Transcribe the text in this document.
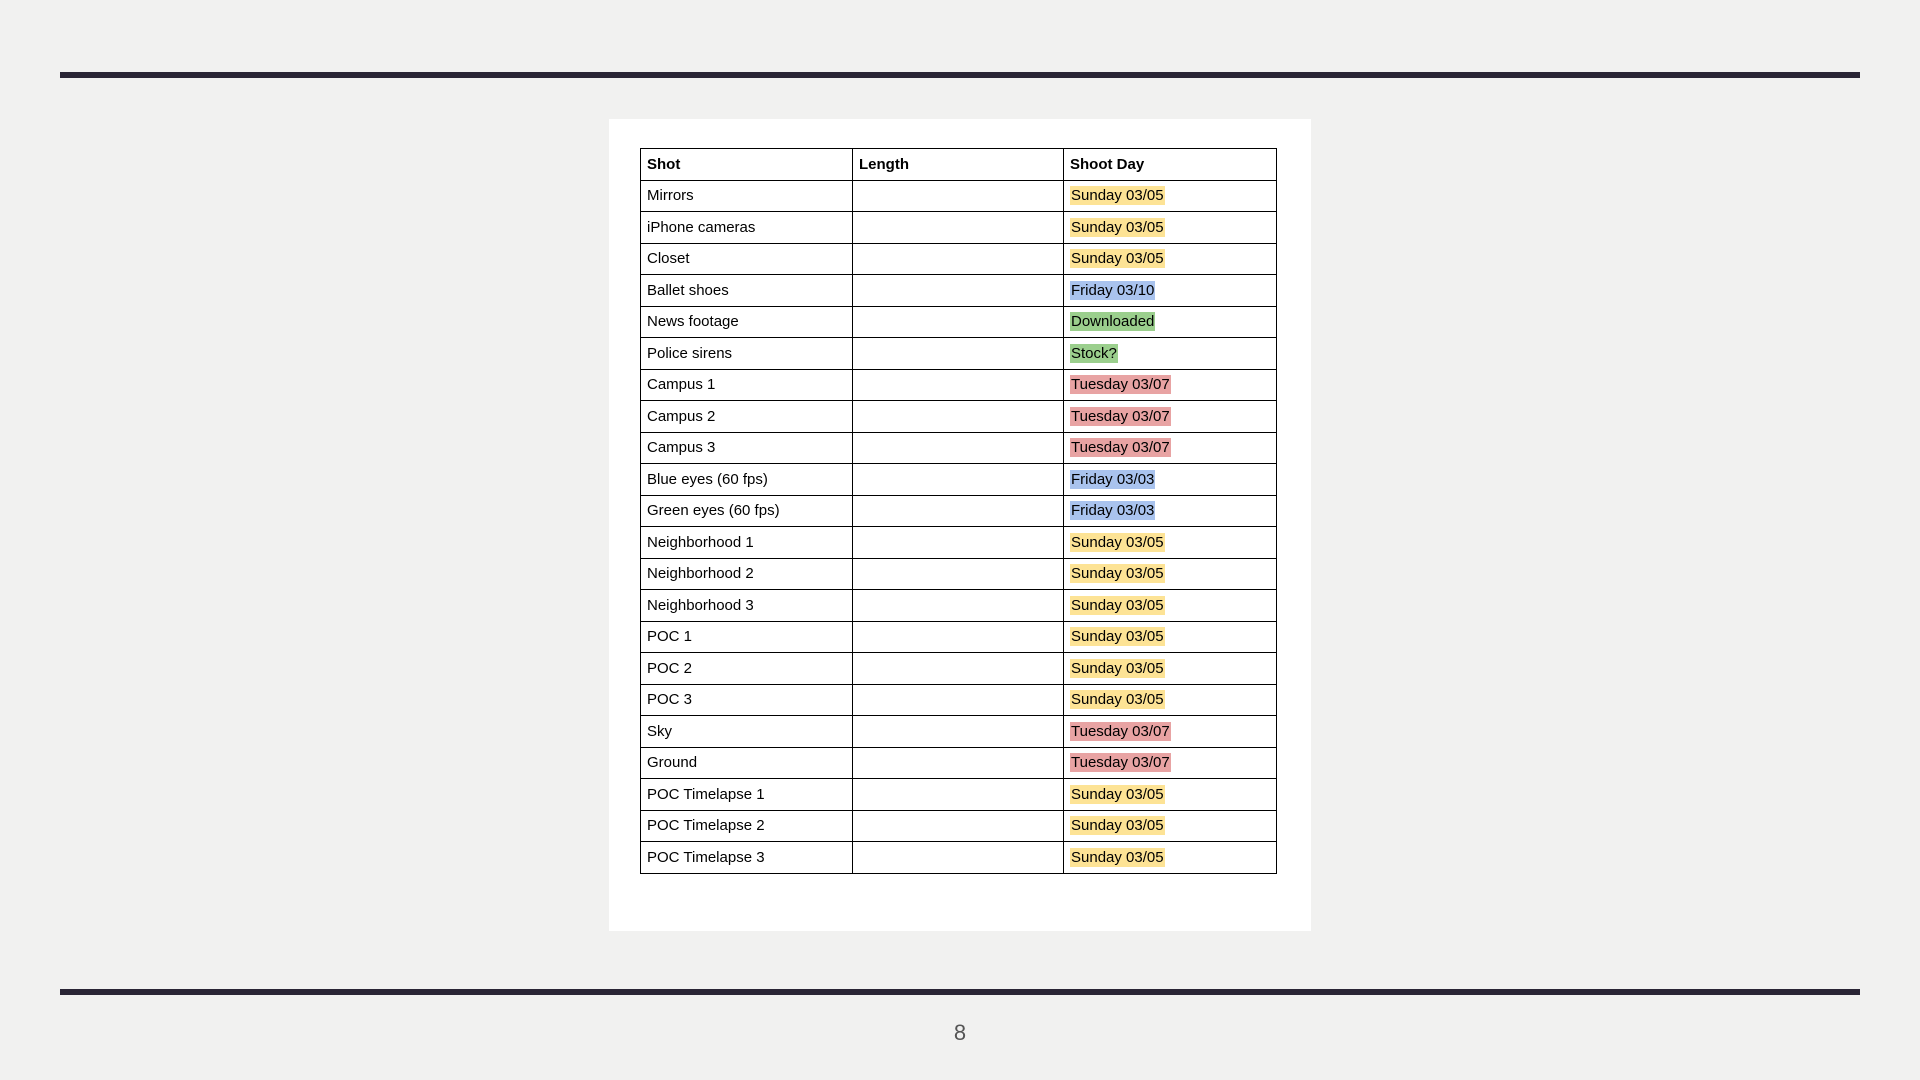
Shot	Length	Shoot Day
Mirrors		Sunday 03/05
iPhone cameras		Sunday 03/05
Closet		Sunday 03/05
Ballet shoes		Friday 03/10
News footage		Downloaded
Police sirens		Stock?
Campus 1		Tuesday 03/07
Campus 2		Tuesday 03/07
Campus 3		Tuesday 03/07
Blue eyes (60 fps)		Friday 03/03
Green eyes (60 fps)		Friday 03/03
Neighborhood 1		Sunday 03/05
Neighborhood 2		Sunday 03/05
Neighborhood 3		Sunday 03/05
POC 1		Sunday 03/05
POC 2		Sunday 03/05
POC 3		Sunday 03/05
Sky		Tuesday 03/07
Ground		Tuesday 03/07
POC Timelapse 1		Sunday 03/05
POC Timelapse 2		Sunday 03/05
POC Timelapse 3		Sunday 03/05
8
